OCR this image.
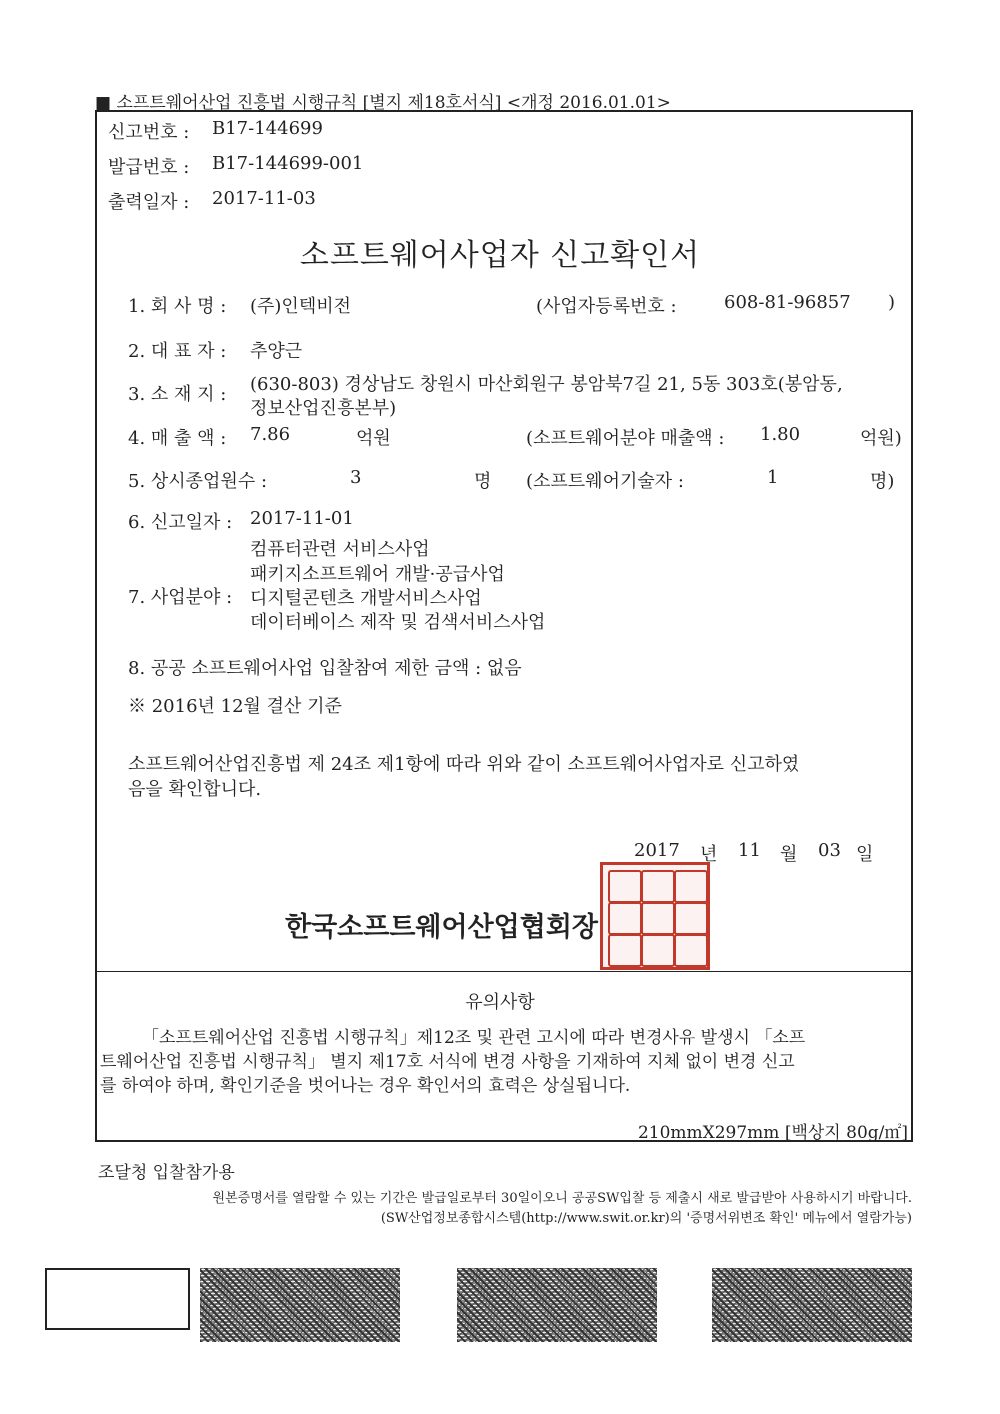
■ 소프트웨어산업 진흥법 시행규칙 [별지 제18호서식] <개정 2016.01.01>
신고번호 : B17-144699
발급번호 : B17-144699-001
출력일자 : 2017-11-03
소프트웨어사업자 신고확인서
1. 회 사 명 : (주)인텍비전	(사업자등록번호 :	608-81-96857 )
2. 대 표 자 : 추양근
3. 소 재 지 : (630-803) 경상남도 창원시 마산회원구 봉암북7길 21, 5동 303호(봉암동,
정보산업진흥본부)
4. 매 출 액 : 7.86	억원	(소프트웨어분야 매출액 : 1.80	억원)
5. 상시종업원수 :	3	명 (소프트웨어기술자 :	1	명)
6. 신고일자 : 2017-11-01
컴퓨터관련 서비스사업
패키지소프트웨어 개발·공급사업
7. 사업분야 : 디지털콘텐츠 개발서비스사업
데이터베이스 제작 및 검색서비스사업
8. 공공 소프트웨어사업 입찰참여 제한 금액 : 없음
※ 2016년 12월 결산 기준
소프트웨어산업진흥법 제 24조 제1항에 따라 위와 같이 소프트웨어사업자로 신고하였
음을 확인합니다.
2017 년 11 월 03 일
한국소프트웨어산업협회장
유의사항
「소프트웨어산업 진흥법 시행규칙」제12조 및 관련 고시에 따라 변경사유 발생시 「소프
트웨어산업 진흥법 시행규칙」 별지 제17호 서식에 변경 사항을 기재하여 지체 없이 변경 신고
를 하여야 하며, 확인기준을 벗어나는 경우 확인서의 효력은 상실됩니다.
210mmX297mm [백상지 80g/㎡]
조달청 입찰참가용
원본증명서를 열람할 수 있는 기간은 발급일로부터 30일이오니 공공SW입찰 등 제출시 새로 발급받아 사용하시기 바랍니다.
(SW산업정보종합시스템(http://www.swit.or.kr)의 '증명서위변조 확인' 메뉴에서 열람가능)
